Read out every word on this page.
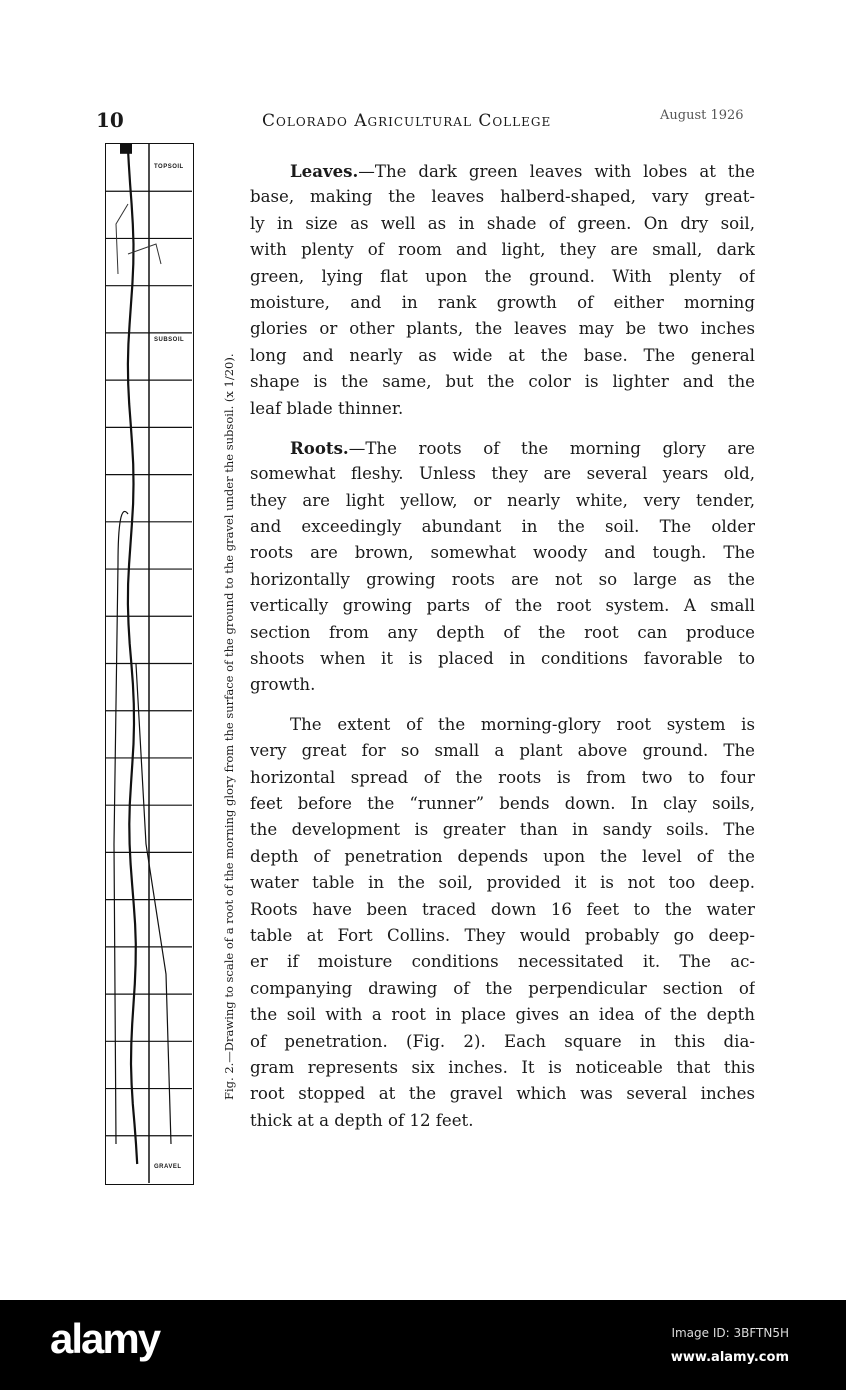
10	Colorado Agricultural College	August 1926
TOPSOIL
SUBSOIL
GRAVEL
Fig. 2.—Drawing to scale of a root of the morning glory from the surface of the ground to the gravel under the subsoil. (x 1/20).
Leaves.—The dark green leaves with lobes at the
base, making the leaves halberd-shaped, vary great-
ly in size as well as in shade of green. On dry soil,
with plenty of room and light, they are small, dark
green, lying flat upon the ground. With plenty of
moisture, and in rank growth of either morning
glories or other plants, the leaves may be two inches
long and nearly as wide at the base. The general
shape is the same, but the color is lighter and the
leaf blade thinner.
Roots.—The roots of the morning glory are
somewhat fleshy. Unless they are several years old,
they are light yellow, or nearly white, very tender,
and exceedingly abundant in the soil. The older
roots are brown, somewhat woody and tough. The
horizontally growing roots are not so large as the
vertically growing parts of the root system. A small
section from any depth of the root can produce
shoots when it is placed in conditions favorable to
growth.
The extent of the morning-glory root system is
very great for so small a plant above ground. The
horizontal spread of the roots is from two to four
feet before the “runner” bends down. In clay soils,
the development is greater than in sandy soils. The
depth of penetration depends upon the level of the
water table in the soil, provided it is not too deep.
Roots have been traced down 16 feet to the water
table at Fort Collins. They would probably go deep-
er if moisture conditions necessitated it. The ac-
companying drawing of the perpendicular section of
the soil with a root in place gives an idea of the depth
of penetration. (Fig. 2). Each square in this dia-
gram represents six inches. It is noticeable that this
root stopped at the gravel which was several inches
thick at a depth of 12 feet.
alamy	Image ID: 3BFTN5H
www.alamy.com
